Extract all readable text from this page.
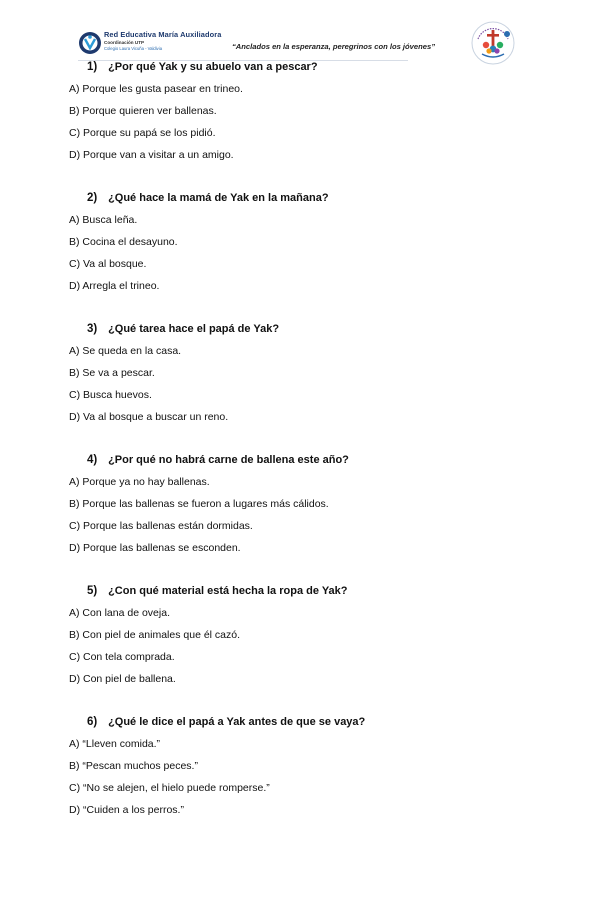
Red Educativa María Auxiliadora
Coordinación UTP
Colegio Laura Vicuña - Valdivia	“Anclados en la esperanza, peregrinos con los jóvenes”
1) ¿Por qué Yak y su abuelo van a pescar?
A) Porque les gusta pasear en trineo.
B) Porque quieren ver ballenas.
C) Porque su papá se los pidió.
D) Porque van a visitar a un amigo.
2) ¿Qué hace la mamá de Yak en la mañana?
A) Busca leña.
B) Cocina el desayuno.
C) Va al bosque.
D) Arregla el trineo.
3) ¿Qué tarea hace el papá de Yak?
A) Se queda en la casa.
B) Se va a pescar.
C) Busca huevos.
D) Va al bosque a buscar un reno.
4) ¿Por qué no habrá carne de ballena este año?
A) Porque ya no hay ballenas.
B) Porque las ballenas se fueron a lugares más cálidos.
C) Porque las ballenas están dormidas.
D) Porque las ballenas se esconden.
5) ¿Con qué material está hecha la ropa de Yak?
A) Con lana de oveja.
B) Con piel de animales que él cazó.
C) Con tela comprada.
D) Con piel de ballena.
6) ¿Qué le dice el papá a Yak antes de que se vaya?
A) “Lleven comida.”
B) “Pescan muchos peces.”
C) “No se alejen, el hielo puede romperse.”
D) “Cuiden a los perros.”
